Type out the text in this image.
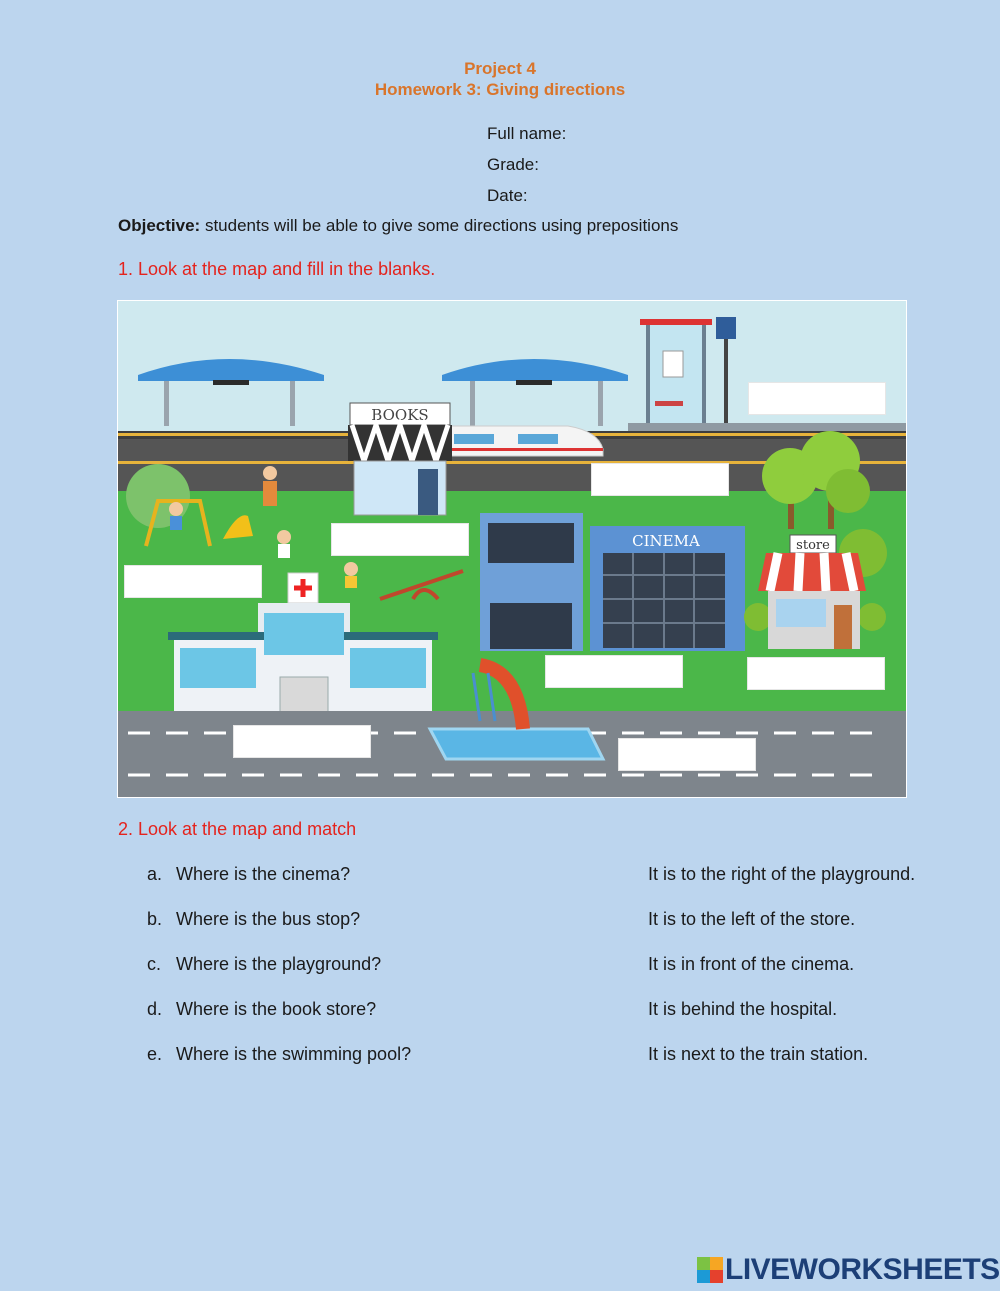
Project 4
Homework 3: Giving directions
Full name:
Grade:
Date:
Objective: students will be able to give some directions using prepositions
1. Look at the map and fill in the blanks.
BOOKS
CINEMA	store
2. Look at the map and match
a. Where is the cinema?
b. Where is the bus stop?
c. Where is the playground?
d. Where is the book store?
e. Where is the swimming pool?
It is to the right of the playground.
It is to the left of the store.
It is in front of the cinema.
It is behind the hospital.
It is next to the train station.
LIVEWORKSHEETS
